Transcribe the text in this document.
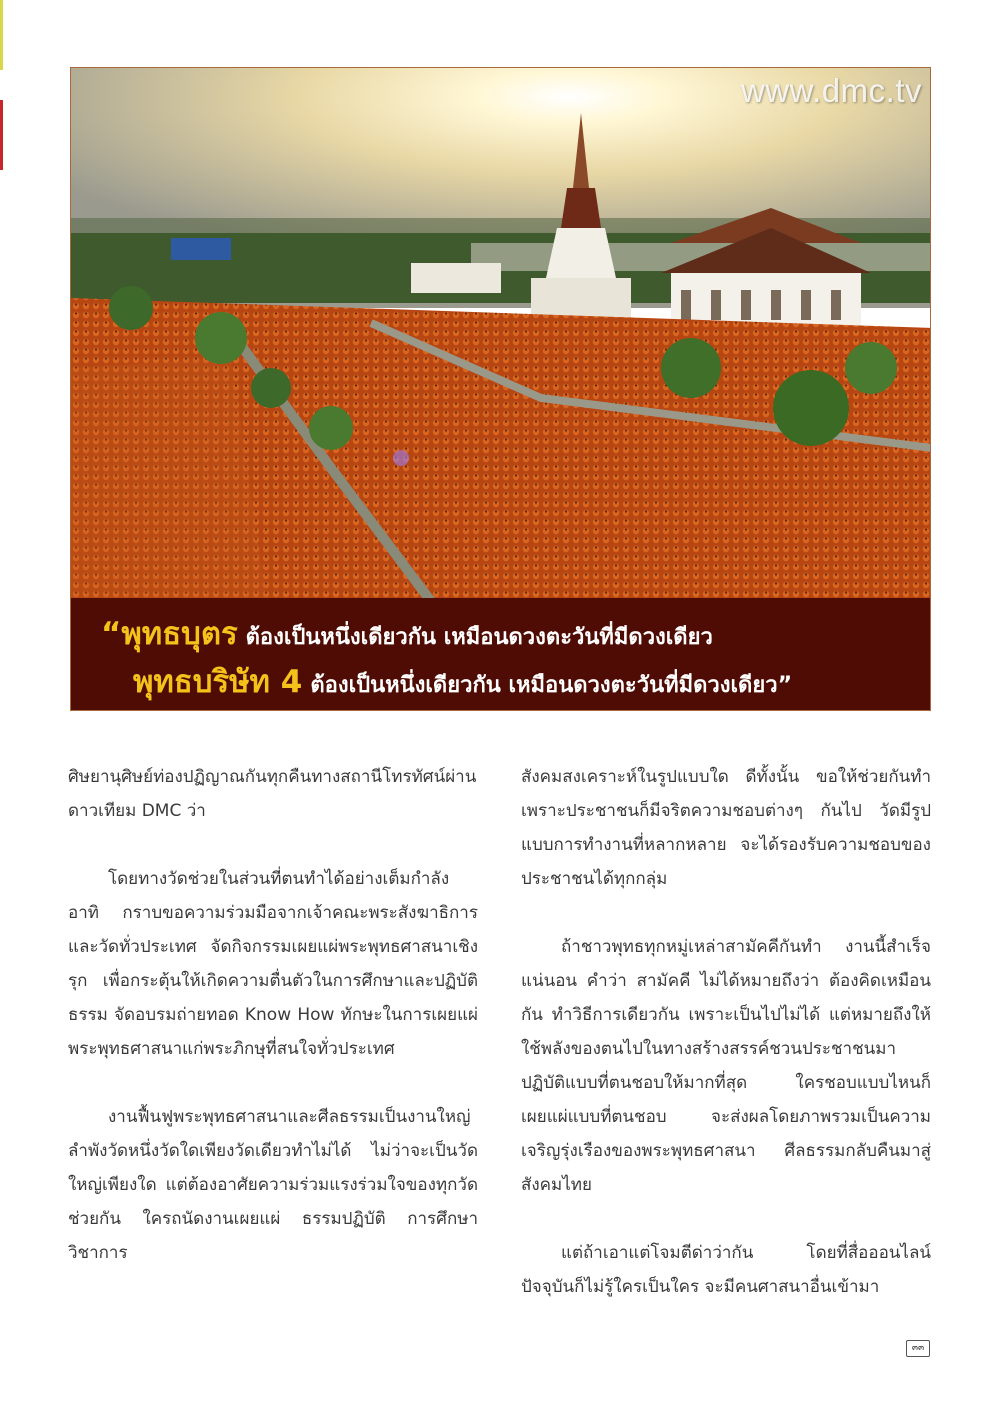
www.dmc.tv
“พุทธบุตร ต้องเป็นหนึ่งเดียวกัน เหมือนดวงตะวันที่มีดวงเดียว
พุทธบริษัท 4 ต้องเป็นหนึ่งเดียวกัน เหมือนดวงตะวันที่มีดวงเดียว”

ศิษยานุศิษย์ท่องปฏิญาณกันทุกคืนทางสถานีโทรทัศน์ผ่านดาวเทียม DMC ว่า

โดยทางวัดช่วยในส่วนที่ตนทำได้อย่างเต็มกำลัง อาทิ กราบขอความร่วมมือจากเจ้าคณะพระสังฆาธิการและวัดทั่วประเทศ จัดกิจกรรมเผยแผ่พระพุทธศาสนาเชิงรุก เพื่อกระตุ้นให้เกิดความตื่นตัวในการศึกษาและปฏิบัติธรรม จัดอบรมถ่ายทอด Know How ทักษะในการเผยแผ่พระพุทธศาสนาแก่พระภิกษุที่สนใจทั่วประเทศ

งานฟื้นฟูพระพุทธศาสนาและศีลธรรมเป็นงานใหญ่ ลำพังวัดหนึ่งวัดใดเพียงวัดเดียวทำไม่ได้ ไม่ว่าจะเป็นวัดใหญ่เพียงใด แต่ต้องอาศัยความร่วมแรงร่วมใจของทุกวัดช่วยกัน ใครถนัดงานเผยแผ่ ธรรมปฏิบัติ การศึกษา วิชาการ

สังคมสงเคราะห์ในรูปแบบใด ดีทั้งนั้น ขอให้ช่วยกันทำ เพราะประชาชนก็มีจริตความชอบต่างๆ กันไป วัดมีรูปแบบการทำงานที่หลากหลาย จะได้รองรับความชอบของประชาชนได้ทุกกลุ่ม

ถ้าชาวพุทธทุกหมู่เหล่าสามัคคีกันทำ งานนี้สำเร็จแน่นอน คำว่า สามัคคี ไม่ได้หมายถึงว่า ต้องคิดเหมือนกัน ทำวิธีการเดียวกัน เพราะเป็นไปไม่ได้ แต่หมายถึงให้ใช้พลังของตนไปในทางสร้างสรรค์ชวนประชาชนมาปฏิบัติแบบที่ตนชอบให้มากที่สุด ใครชอบแบบไหนก็เผยแผ่แบบที่ตนชอบ จะส่งผลโดยภาพรวมเป็นความเจริญรุ่งเรืองของพระพุทธศาสนา ศีลธรรมกลับคืนมาสู่สังคมไทย

แต่ถ้าเอาแต่โจมตีด่าว่ากัน โดยที่สื่อออนไลน์ปัจจุบันก็ไม่รู้ใครเป็นใคร จะมีคนศาสนาอื่นเข้ามา

๓๓
